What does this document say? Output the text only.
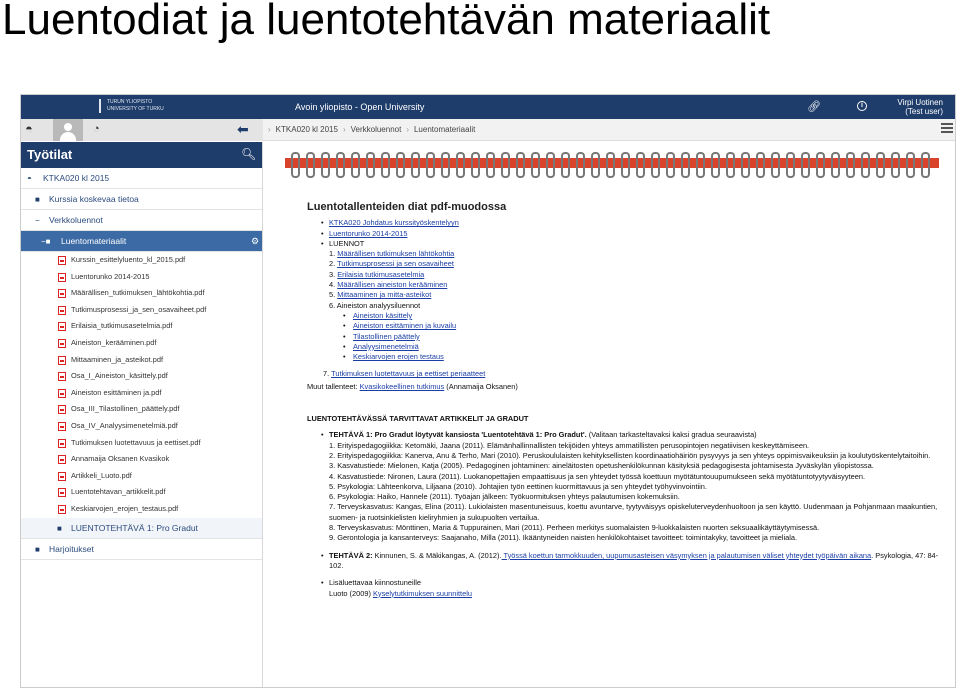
Luentodiat ja luentotehtävän materiaalit
TURUN YLIOPISTO
UNIVERSITY OF TURKU	Avoin yliopisto - Open University	🔗︎	i	Virpi Uotinen
(Test user)
◓	◔	⬅	› KTKA020 kl 2015 › Verkkoluennot › Luentomateriaalit
Työtilat	🔍︎
◓ KTKA020 kl 2015
■ Kurssia koskevaa tietoa
− Verkkoluennot
−■ Luentomateriaalit	⚙
Kurssin_esittelyluento_kl_2015.pdf
Luentorunko 2014-2015
Määrällisen_tutkimuksen_lähtökohtia.pdf
Tutkimusprosessi_ja_sen_osavaiheet.pdf
Erilaisia_tutkimusasetelmia.pdf
Aineiston_kerääminen.pdf
Mittaaminen_ja_asteikot.pdf
Osa_I_Aineiston_käsittely.pdf
Aineiston esittäminen ja.pdf
Osa_III_Tilastollinen_päättely.pdf
Osa_IV_Analyysimenetelmiä.pdf
Tutkimuksen luotettavuus ja eettiset.pdf
Annamaija Oksanen Kvasikok
Artikkeli_Luoto.pdf
Luentotehtavan_artikkelit.pdf
Keskiarvojen_erojen_testaus.pdf
■ LUENTOTEHTÄVÄ 1: Pro Gradut
■ Harjoitukset
Luentotallenteiden diat pdf-muodossa
• KTKA020 Johdatus kurssityöskentelyyn
• Luentorunko 2014-2015
• LUENNOT
1. Määrällisen tutkimuksen lähtökohtia
2. Tutkimusprosessi ja sen osavaiheet
3. Erilaisia tutkimusasetelmia
4. Määrällisen aineiston kerääminen
5. Mittaaminen ja mitta-asteikot
6. Aineiston analyysiluennot
• Aineiston käsittely
• Aineiston esittäminen ja kuvailu
• Tilastollinen päättely
• Analyysimenetelmiä
• Keskiarvojen erojen testaus
7. Tutkimuksen luotettavuus ja eettiset periaatteet
Muut tallenteet: Kvasikokeellinen tutkimus (Annamaija Oksanen)
LUENTOTEHTÄVÄSSÄ TARVITTAVAT ARTIKKELIT JA GRADUT
• TEHTÄVÄ 1: Pro Gradut löytyvät kansiosta 'Luentotehtävä 1: Pro Gradut'. (Valitaan tarkasteltavaksi kaksi gradua seuraavista)
1. Erityispedagogiikka: Ketomäki, Jaana (2011). Elämänhallinnallisten tekijöiden yhteys ammatillisten perusopintojen negatiivisen keskeyttämiseen.
2. Erityispedagogiikka: Kanerva, Anu & Terho, Mari (2010). Peruskoululaisten kehityksellisten koordinaatiohäiriön pysyvyys ja sen yhteys oppimisvaikeuksiin ja koulutyöskentelytaitoihin.
3. Kasvatustiede: Mielonen, Katja (2005). Pedagoginen johtaminen: aineläitosten opetushenkilökunnan käsityksiä pedagogisesta johtamisesta Jyväskylän yliopistossa.
4. Kasvatustiede: Nironen, Laura (2011). Luokanopettajien empaattisuus ja sen yhteydet työssä koettuun myötätuntouupumukseen sekä myötätuntotyytyväisyyteen.
5. Psykologia: Lähteenkorva, Liljaana (2010). Johtajien työn eettinen kuormittavuus ja sen yhteydet työhyvinvointiin.
6. Psykologia: Haiko, Hannele (2011). Työajan jälkeen: Työkuormituksen yhteys palautumisen kokemuksiin.
7. Terveyskasvatus: Kangas, Elina (2011). Lukiolaisten masentuneisuus, koettu avuntarve, tyytyväisyys opiskeluterveydenhuoltoon ja sen käyttö. Uudenmaan ja Pohjanmaan maakuntien, suomen- ja ruotsinkielisten kieliryhmien ja sukupuolten vertailua.
8. Terveyskasvatus: Mönttinen, Maria & Tuppurainen, Mari (2011). Perheen merkitys suomalaisten 9-luokkalaisten nuorten seksuaalikäyttäytymisessä.
9. Gerontologia ja kansanterveys: Saajanaho, Milla (2011). Ikääntyneiden naisten henkilökohtaiset tavoitteet: toimintakyky, tavoitteet ja mieliala.
• TEHTÄVÄ 2: Kinnunen, S. & Mäkikangas, A. (2012). Työssä koettun tarmokkuuden, uupumusasteisen väsymyksen ja palautumisen väliset yhteydet työpäivän aikana. Psykologia, 47: 84-102.
• Lisäluettavaa kiinnostuneille
Luoto (2009) Kyselytutkimuksen suunnittelu
